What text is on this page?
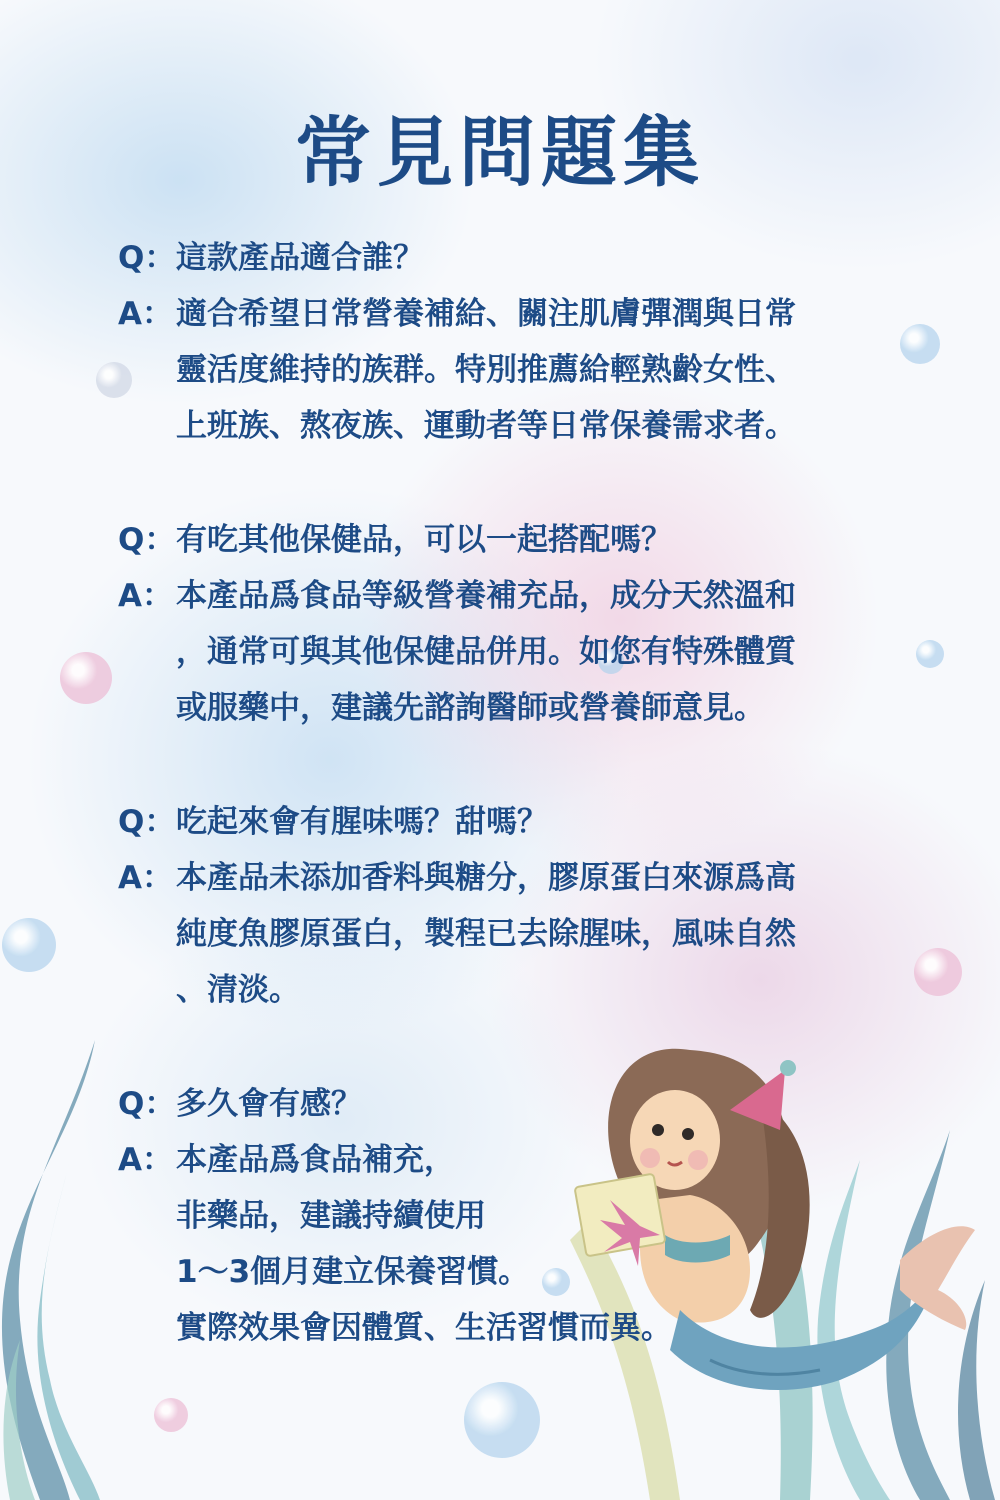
常見問題集
Q： 這款產品適合誰？
A： 適合希望日常營養補給、關注肌膚彈潤與日常
靈活度維持的族群。特別推薦給輕熟齡女性、
上班族、熬夜族、運動者等日常保養需求者。
Q： 有吃其他保健品，可以一起搭配嗎？
A： 本產品爲食品等級營養補充品，成分天然溫和
，通常可與其他保健品併用。如您有特殊體質
或服藥中，建議先諮詢醫師或營養師意見。
Q： 吃起來會有腥味嗎？甜嗎？
A： 本產品未添加香料與糖分，膠原蛋白來源爲高
純度魚膠原蛋白，製程已去除腥味，風味自然
、清淡。
Q： 多久會有感？
A： 本產品爲食品補充，
非藥品，建議持續使用
1～3個月建立保養習慣。
實際效果會因體質、生活習慣而異。
